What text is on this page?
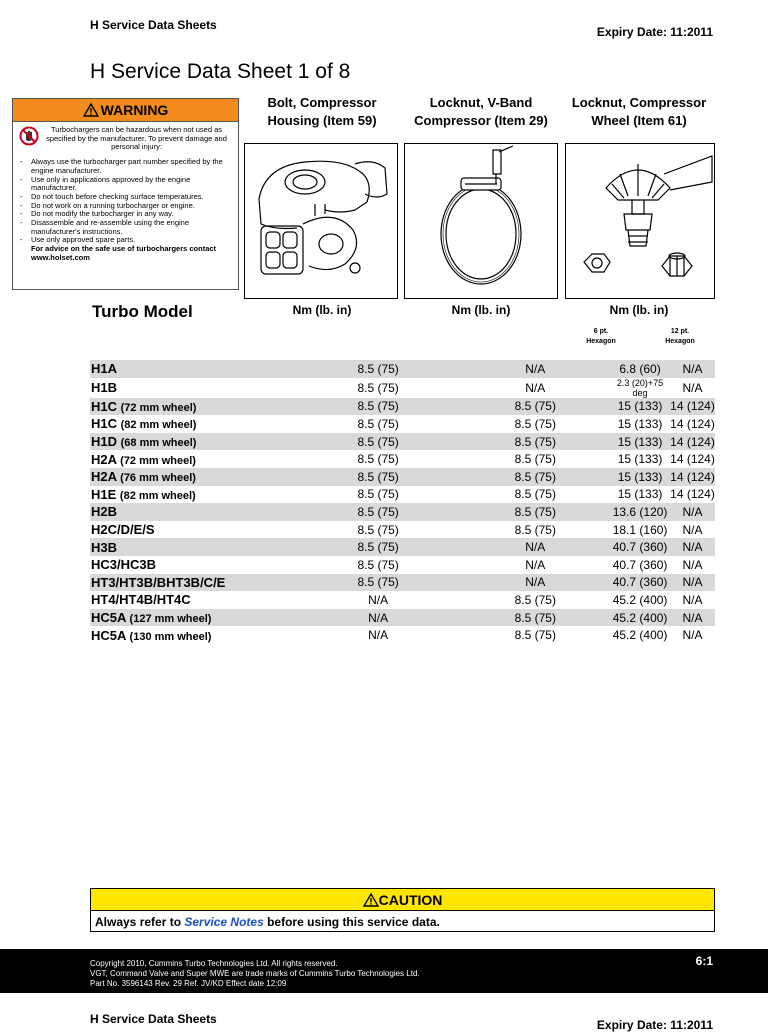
H Service Data Sheets	Expiry Date: 11:2011
H Service Data Sheet 1 of 8
WARNING
Turbochargers can be hazardous when not used as specified by the manufacturer. To prevent damage and personal injury:
- Always use the turbocharger part number specified by the engine manufacturer.
- Use only in applications approved by the engine manufacturer.
- Do not touch before checking surface temperatures.
- Do not work on a running turbocharger or engine.
- Do not modify the turbocharger in any way.
- Disassemble and re-assemble using the engine manufacturer's instructions.
- Use only approved spare parts.
For advice on the safe use of turbochargers contact www.holset.com
Bolt, Compressor
Housing (Item 59)
Locknut, V-Band
Compressor (Item 29)
Locknut, Compressor
Wheel (Item 61)
Turbo Model	Nm (lb. in)	Nm (lb. in)	Nm (lb. in)
6 pt.
Hexagon
12 pt.
Hexagon
H1A	8.5 (75)	N/A	6.8 (60)	N/A
H1B	8.5 (75)	N/A	2.3 (20)+75 deg	N/A
H1C (72 mm wheel)	8.5 (75)	8.5 (75)	15 (133)	14 (124)
H1C (82 mm wheel)	8.5 (75)	8.5 (75)	15 (133)	14 (124)
H1D (68 mm wheel)	8.5 (75)	8.5 (75)	15 (133)	14 (124)
H2A (72 mm wheel)	8.5 (75)	8.5 (75)	15 (133)	14 (124)
H2A (76 mm wheel)	8.5 (75)	8.5 (75)	15 (133)	14 (124)
H1E (82 mm wheel)	8.5 (75)	8.5 (75)	15 (133)	14 (124)
H2B	8.5 (75)	8.5 (75)	13.6 (120)	N/A
H2C/D/E/S	8.5 (75)	8.5 (75)	18.1 (160)	N/A
H3B	8.5 (75)	N/A	40.7 (360)	N/A
HC3/HC3B	8.5 (75)	N/A	40.7 (360)	N/A
HT3/HT3B/BHT3B/C/E	8.5 (75)	N/A	40.7 (360)	N/A
HT4/HT4B/HT4C	N/A	8.5 (75)	45.2 (400)	N/A
HC5A (127 mm wheel)	N/A	8.5 (75)	45.2 (400)	N/A
HC5A (130 mm wheel)	N/A	8.5 (75)	45.2 (400)	N/A
CAUTION
Always refer to Service Notes before using this service data.
Copyright 2010, Cummins Turbo Technologies Ltd. All rights reserved.
VGT, Command Valve and Super MWE are trade marks of Cummins Turbo Technologies Ltd.
Part No. 3596143 Rev. 29 Ref. JV/KD Effect date 12:09
6:1
H Service Data Sheets	Expiry Date: 11:2011
